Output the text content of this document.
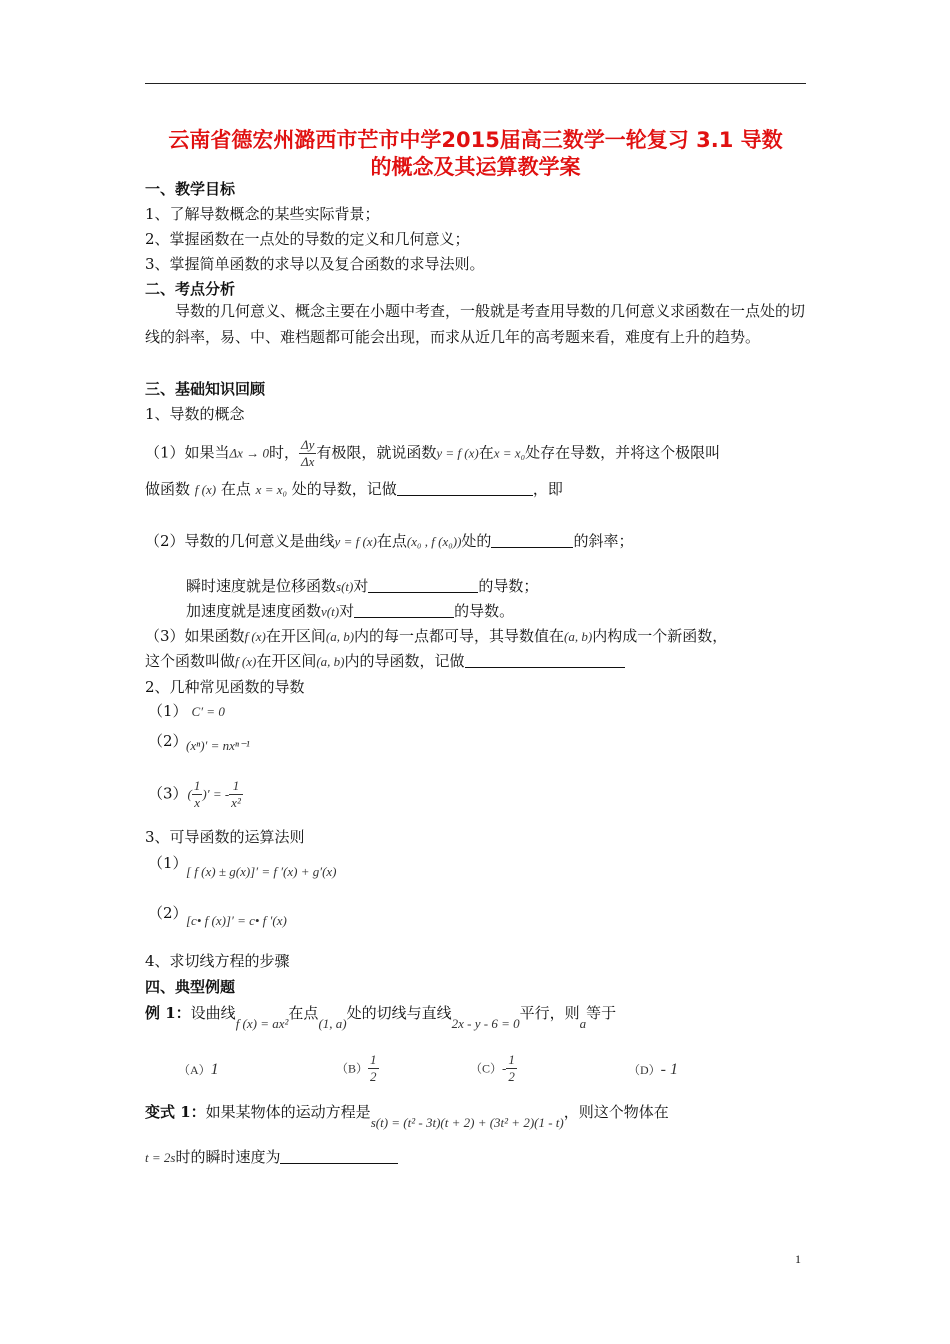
云南省德宏州潞西市芒市中学2015届高三数学一轮复习 3.1 导数
的概念及其运算教学案
一、教学目标
1、了解导数概念的某些实际背景；
2、掌握函数在一点处的导数的定义和几何意义；
3、掌握简单函数的求导以及复合函数的求导法则。
二、考点分析
导数的几何意义、概念主要在小题中考查，一般就是考查用导数的几何意义求函数在一点处的切线的斜率，易、中、难档题都可能会出现，而求从近几年的高考题来看，难度有上升的趋势。
三、基础知识回顾
1、导数的概念
（1）如果当Δx → 0时， $\frac{\Delta y}{\Delta x}$ 有极限，就说函数y = f (x)在x = x₀处存在导数，并将这个极限叫
做函数 f (x) 在点 x = x₀ 处的导数，记做	，即
（2）导数的几何意义是曲线y = f (x)在点(x₀ , f (x₀))处的	的斜率；
瞬时速度就是位移函数s(t)对	的导数；
加速度就是速度函数v(t)对	的导数。
（3）如果函数f (x)在开区间(a, b)内的每一点都可导，其导数值在(a, b)内构成一个新函数，
这个函数叫做f (x)在开区间(a, b)内的导函数，记做
2、几种常见函数的导数
（1） C′ = 0
（2）
(xⁿ)′ = nxⁿ⁻¹
$(3)( \frac{1}{x}$ )′ = - $\frac{1}{\text{x²}}$
3、可导函数的运算法则
（1）
[ f (x) ± g(x)]′ = f ′(x) + g′(x)
（2）
[c• f (x)]′ = c• f ′(x)
4、求切线方程的步骤
四、典型例题
例 1：设曲线f (x) = ax²在点(1, a)处的切线与直线2x - y - 6 = 0平行，则a等于
（A）1	$(B) \frac{1}{2}$	$(C)- \frac{1}{2}$	（D）- 1
变式 1：如果某物体的运动方程是s(t) = (t² - 3t)(t + 2) + (3t² + 2)(1 - t)，则这个物体在
t = 2s时的瞬时速度为
1
